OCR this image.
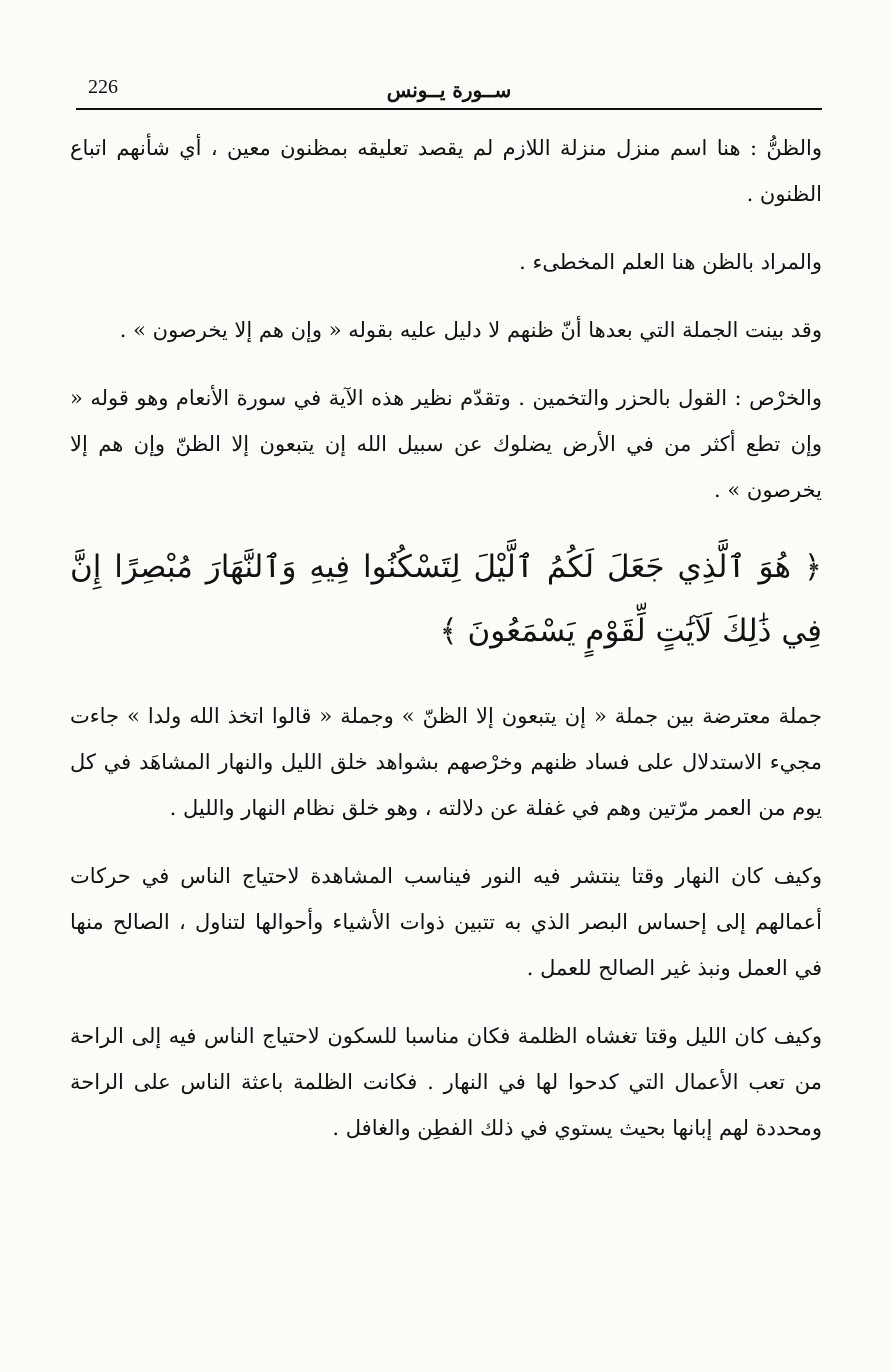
226	ســورة يــونس

والظنُّ : هنا اسم منزل منزلة اللازم لم يقصد تعليقه بمظنون معين ، أي شأنهم اتباع الظنون .

والمراد بالظن هنا العلم المخطىء .

وقد بينت الجملة التي بعدها أنّ ظنهم لا دليل عليه بقوله « وإن هم إلا يخرصون » .

والخرْص : القول بالحزر والتخمين . وتقدّم نظير هذه الآية في سورة الأنعام وهو قوله « وإن تطع أكثر من في الأرض يضلوك عن سبيل الله إن يتبعون إلا الظنّ وإن هم إلا يخرصون » .

﴿ هُوَ ٱلَّذِي جَعَلَ لَكُمُ ٱلَّيْلَ لِتَسْكُنُوا فِيهِ وَٱلنَّهَارَ مُبْصِرًا إِنَّ فِي ذَٰلِكَ لَآيَٰتٍ لِّقَوْمٍ يَسْمَعُونَ ﴾

جملة معترضة بين جملة « إن يتبعون إلا الظنّ » وجملة « قالوا اتخذ الله ولدا » جاءت مجيء الاستدلال على فساد ظنهم وخرْصهم بشواهد خلق الليل والنهار المشاهَد في كل يوم من العمر مرّتين وهم في غفلة عن دلالته ، وهو خلق نظام النهار والليل .

وكيف كان النهار وقتا ينتشر فيه النور فيناسب المشاهدة لاحتياج الناس في حركات أعمالهم إلى إحساس البصر الذي به تتبين ذوات الأشياء وأحوالها لتناول ، الصالح منها في العمل ونبذ غير الصالح للعمل .

وكيف كان الليل وقتا تغشاه الظلمة فكان مناسبا للسكون لاحتياج الناس فيه إلى الراحة من تعب الأعمال التي كدحوا لها في النهار . فكانت الظلمة باعثة الناس على الراحة ومحددة لهم إبانها بحيث يستوي في ذلك الفطِن والغافل .
